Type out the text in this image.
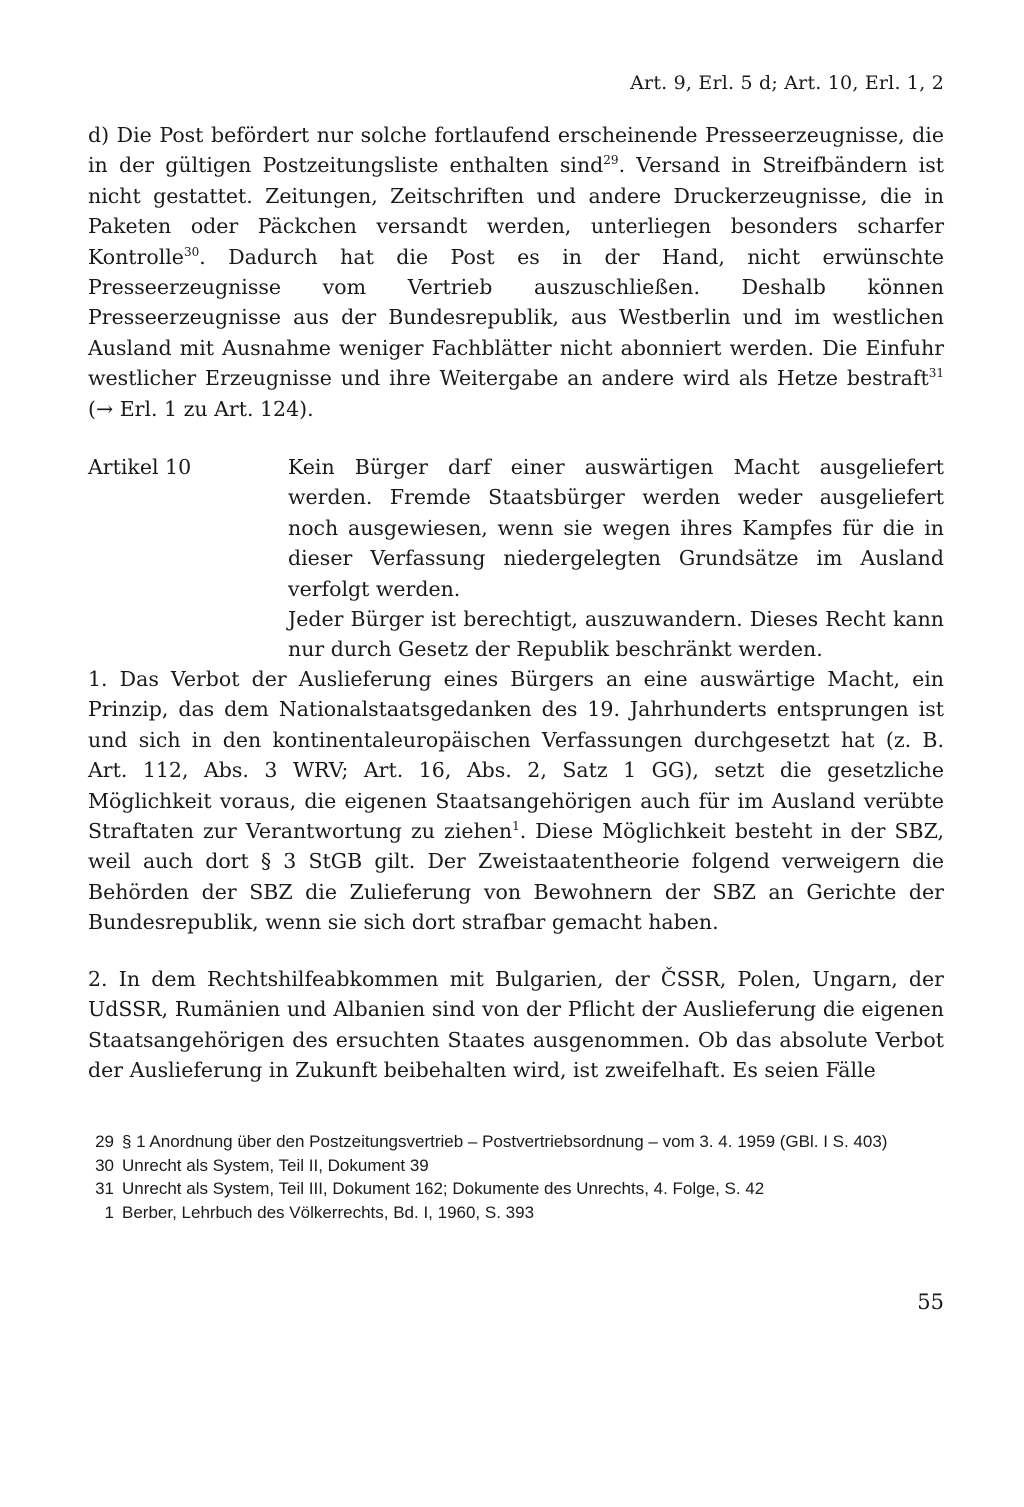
Art. 9, Erl. 5 d; Art. 10, Erl. 1, 2

d) Die Post befördert nur solche fortlaufend erscheinende Presseerzeugnisse, die in der gültigen Postzeitungsliste enthalten sind$^{29}$. Versand in Streifbändern ist nicht gestattet. Zeitungen, Zeitschriften und andere Druckerzeugnisse, die in Paketen oder Päckchen versandt werden, unterliegen besonders scharfer Kontrolle$^{30}$. Dadurch hat die Post es in der Hand, nicht erwünschte Presseerzeugnisse vom Vertrieb auszuschließen. Deshalb können Presseerzeugnisse aus der Bundesrepublik, aus Westberlin und im westlichen Ausland mit Ausnahme weniger Fachblätter nicht abonniert werden. Die Einfuhr westlicher Erzeugnisse und ihre Weitergabe an andere wird als Hetze bestraft$^{31}$ (→ Erl. 1 zu Art. 124).

Artikel 10	Kein Bürger darf einer auswärtigen Macht ausgeliefert werden. Fremde Staatsbürger werden weder ausgeliefert noch ausgewiesen, wenn sie wegen ihres Kampfes für die in dieser Verfassung niedergelegten Grundsätze im Ausland verfolgt werden.

Jeder Bürger ist berechtigt, auszuwandern. Dieses Recht kann nur durch Gesetz der Republik beschränkt werden.

1. Das Verbot der Auslieferung eines Bürgers an eine auswärtige Macht, ein Prinzip, das dem Nationalstaatsgedanken des 19. Jahrhunderts entsprungen ist und sich in den kontinentaleuropäischen Verfassungen durchgesetzt hat (z. B. Art. 112, Abs. 3 WRV; Art. 16, Abs. 2, Satz 1 GG), setzt die gesetzliche Möglichkeit voraus, die eigenen Staatsangehörigen auch für im Ausland verübte Straftaten zur Verantwortung zu ziehen$^1$. Diese Möglichkeit besteht in der SBZ, weil auch dort § 3 StGB gilt. Der Zweistaatentheorie folgend verweigern die Behörden der SBZ die Zulieferung von Bewohnern der SBZ an Gerichte der Bundesrepublik, wenn sie sich dort strafbar gemacht haben.

2. In dem Rechtshilfeabkommen mit Bulgarien, der ČSSR, Polen, Ungarn, der UdSSR, Rumänien und Albanien sind von der Pflicht der Auslieferung die eigenen Staatsangehörigen des ersuchten Staates ausgenommen. Ob das absolute Verbot der Auslieferung in Zukunft beibehalten wird, ist zweifelhaft. Es seien Fälle

29 § 1 Anordnung über den Postzeitungsvertrieb – Postvertriebsordnung – vom 3. 4. 1959 (GBl. I S. 403)
30 Unrecht als System, Teil II, Dokument 39
31 Unrecht als System, Teil III, Dokument 162; Dokumente des Unrechts, 4. Folge, S. 42
1 Berber, Lehrbuch des Völkerrechts, Bd. I, 1960, S. 393
55
